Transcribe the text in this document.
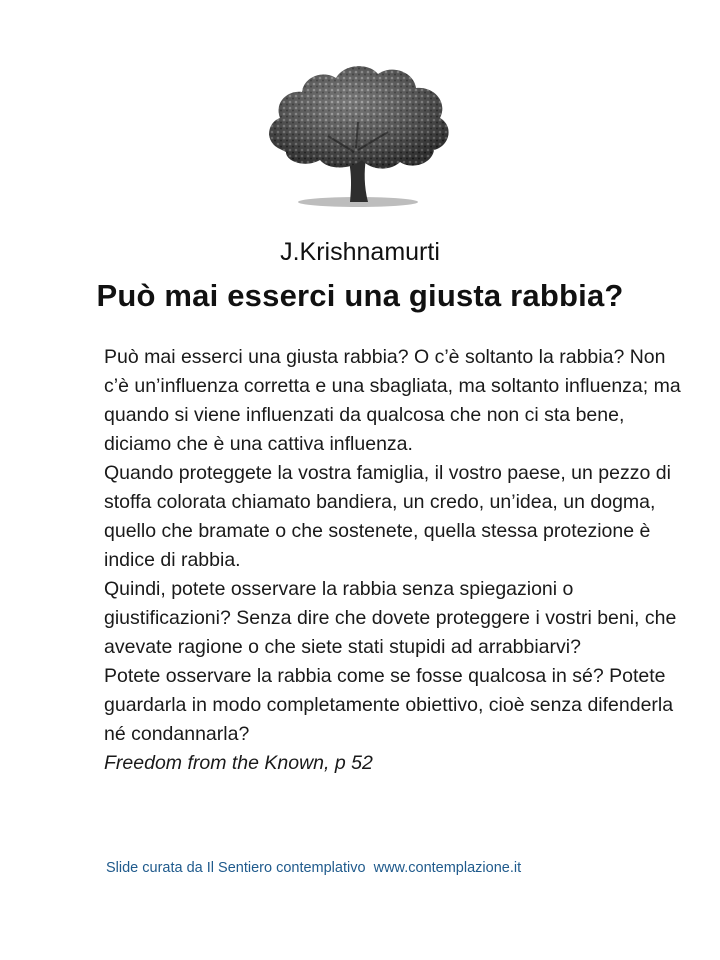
J.Krishnamurti
Può mai esserci una giusta rabbia?

Può mai esserci una giusta rabbia? O c’è soltanto la rabbia? Non c’è un’influenza corretta e una sbagliata, ma soltanto influenza; ma quando si viene influenzati da qualcosa che non ci sta bene, diciamo che è una cattiva influenza.

Quando proteggete la vostra famiglia, il vostro paese, un pezzo di stoffa colorata chiamato bandiera, un credo, un’idea, un dogma, quello che bramate o che sostenete, quella stessa protezione è indice di rabbia.

Quindi, potete osservare la rabbia senza spiegazioni o giustificazioni? Senza dire che dovete proteggere i vostri beni, che avevate ragione o che siete stati stupidi ad arrabbiarvi?

Potete osservare la rabbia come se fosse qualcosa in sé? Potete guardarla in modo completamente obiettivo, cioè senza difenderla né condannarla?

Freedom from the Known, p 52

Slide curata da Il Sentiero contemplativo www.contemplazione.it
